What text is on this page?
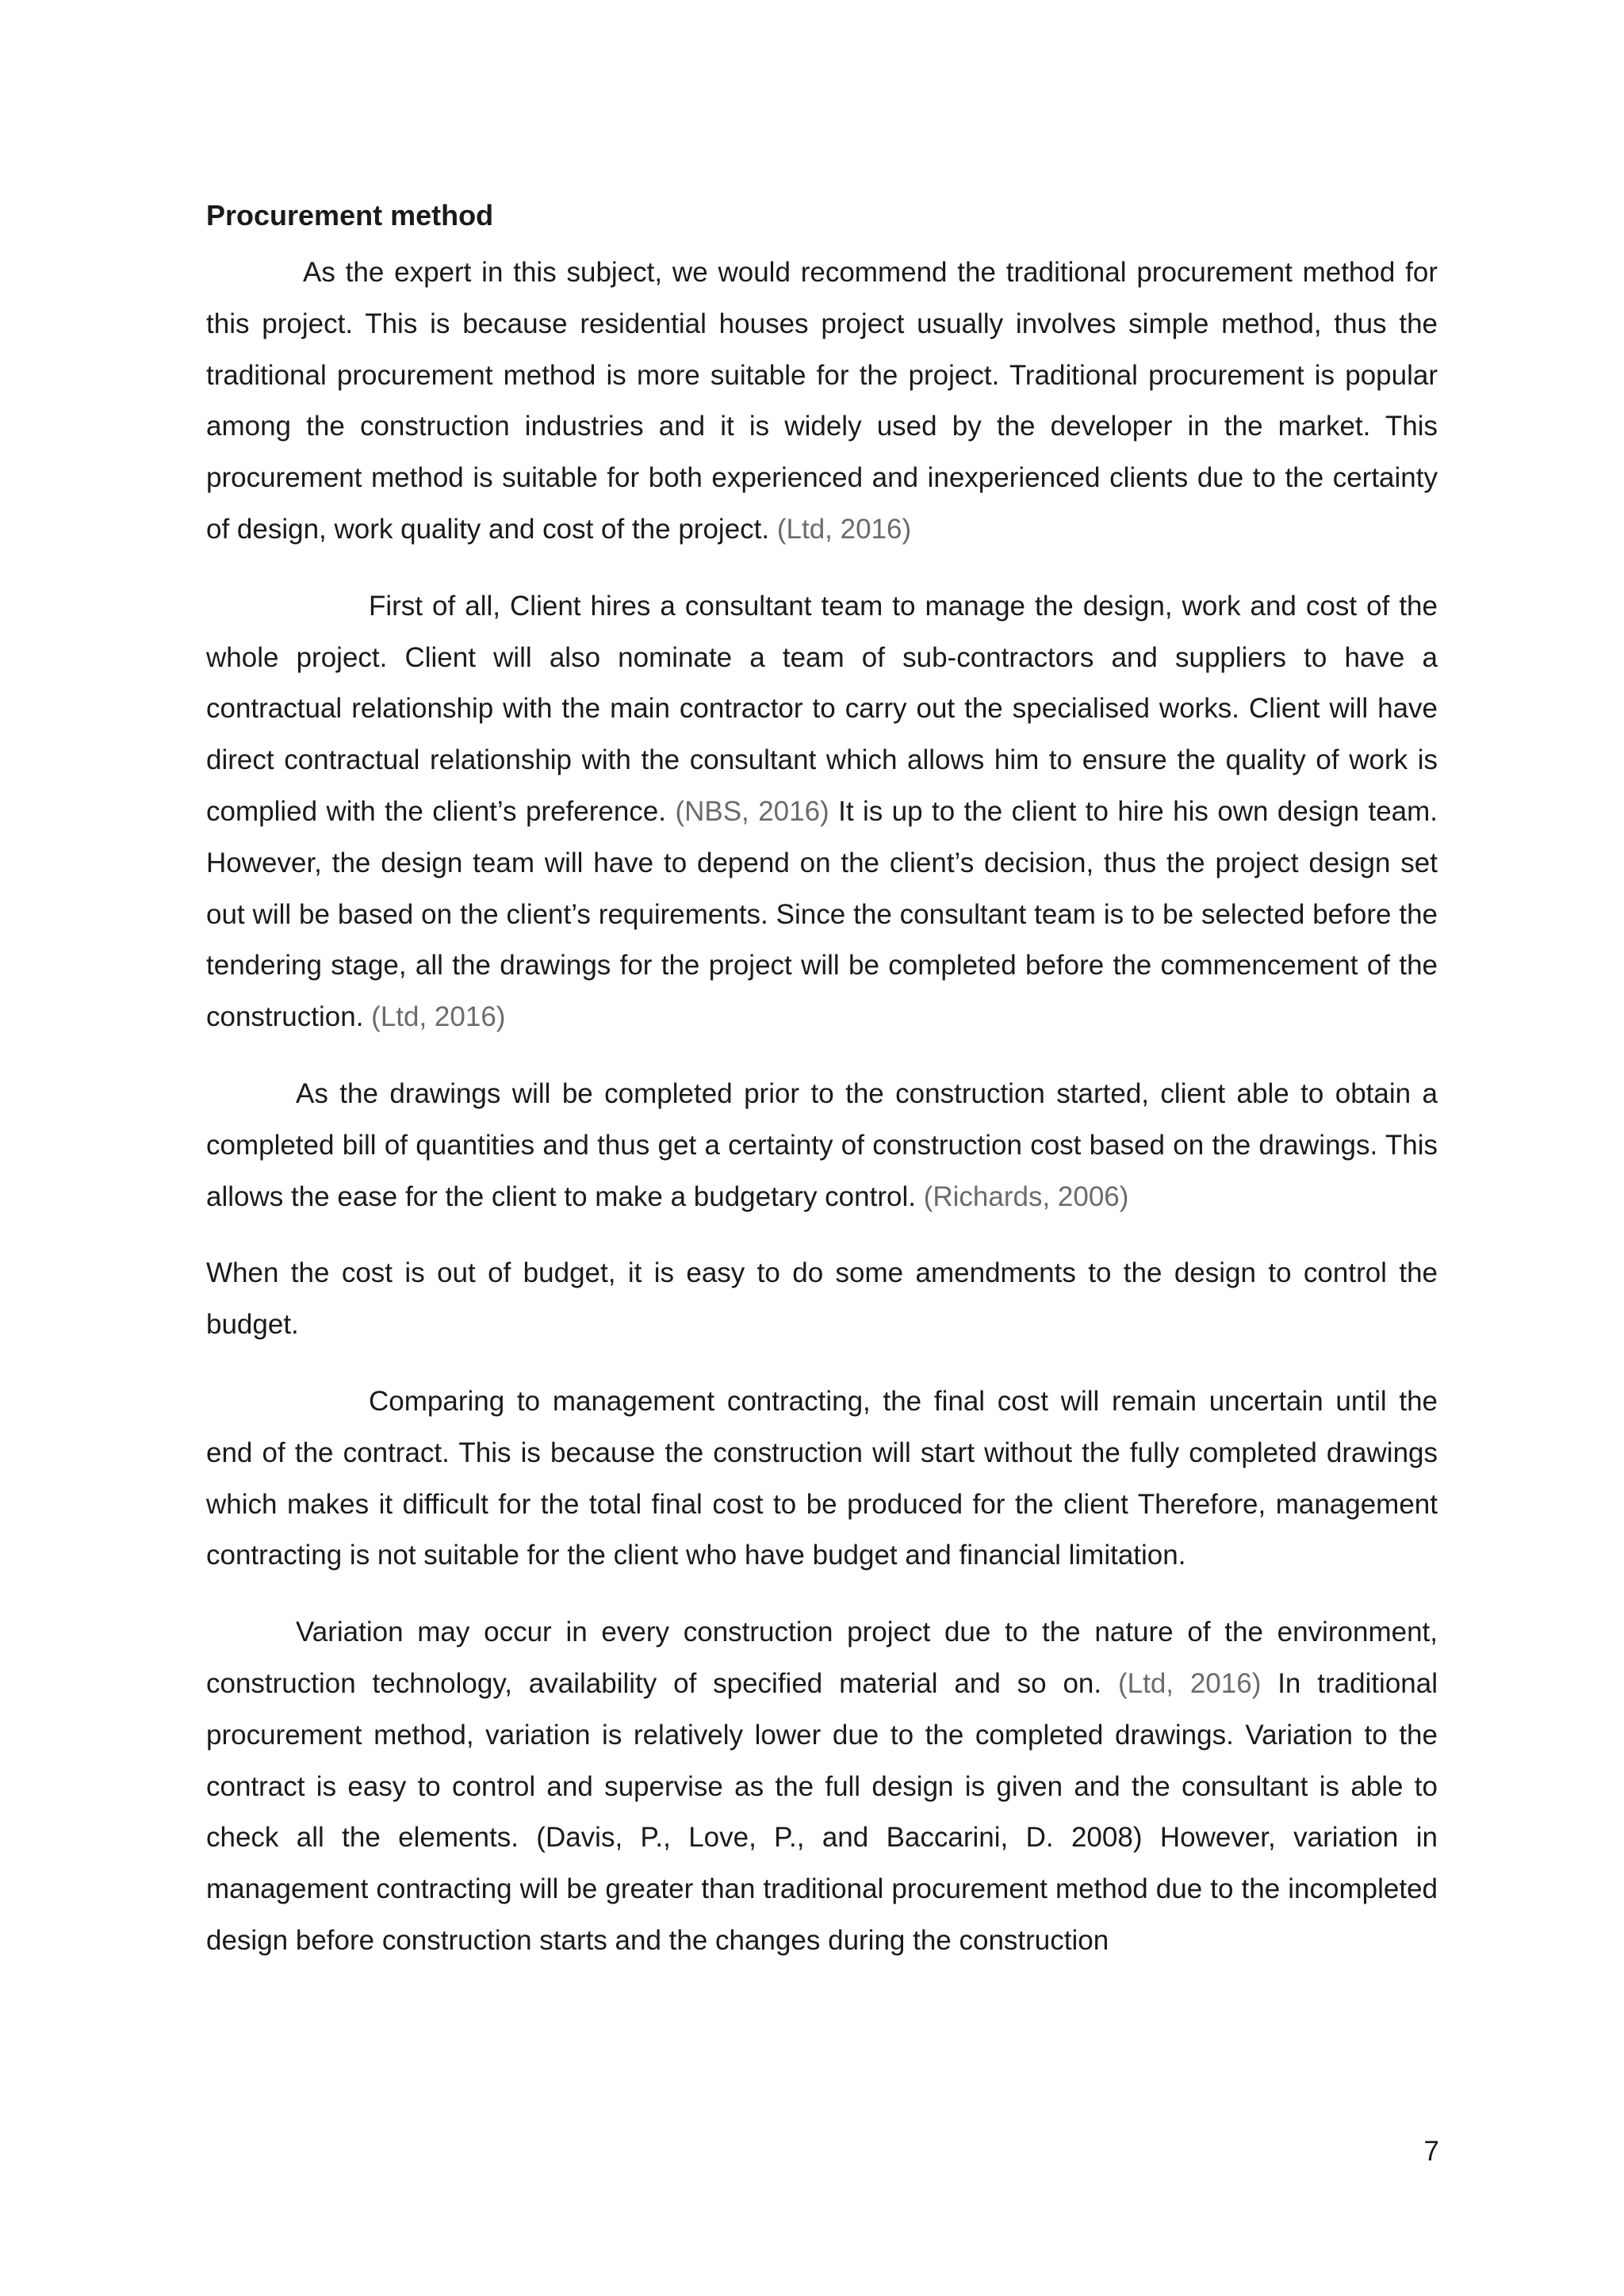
Procurement method

As the expert in this subject, we would recommend the traditional procurement method for this project. This is because residential houses project usually involves simple method, thus the traditional procurement method is more suitable for the project. Traditional procurement is popular among the construction industries and it is widely used by the developer in the market. This procurement method is suitable for both experienced and inexperienced clients due to the certainty of design, work quality and cost of the project. (Ltd, 2016)

First of all, Client hires a consultant team to manage the design, work and cost of the whole project. Client will also nominate a team of sub-contractors and suppliers to have a contractual relationship with the main contractor to carry out the specialised works. Client will have direct contractual relationship with the consultant which allows him to ensure the quality of work is complied with the client’s preference. (NBS, 2016) It is up to the client to hire his own design team. However, the design team will have to depend on the client’s decision, thus the project design set out will be based on the client’s requirements. Since the consultant team is to be selected before the tendering stage, all the drawings for the project will be completed before the commencement of the construction. (Ltd, 2016)

As the drawings will be completed prior to the construction started, client able to obtain a completed bill of quantities and thus get a certainty of construction cost based on the drawings. This allows the ease for the client to make a budgetary control. (Richards, 2006)

When the cost is out of budget, it is easy to do some amendments to the design to control the budget.

Comparing to management contracting, the final cost will remain uncertain until the end of the contract. This is because the construction will start without the fully completed drawings which makes it difficult for the total final cost to be produced for the client Therefore, management contracting is not suitable for the client who have budget and financial limitation.

Variation may occur in every construction project due to the nature of the environment, construction technology, availability of specified material and so on. (Ltd, 2016) In traditional procurement method, variation is relatively lower due to the completed drawings. Variation to the contract is easy to control and supervise as the full design is given and the consultant is able to check all the elements. (Davis, P., Love, P., and Baccarini, D. 2008) However, variation in management contracting will be greater than traditional procurement method due to the incompleted design before construction starts and the changes during the construction

7
